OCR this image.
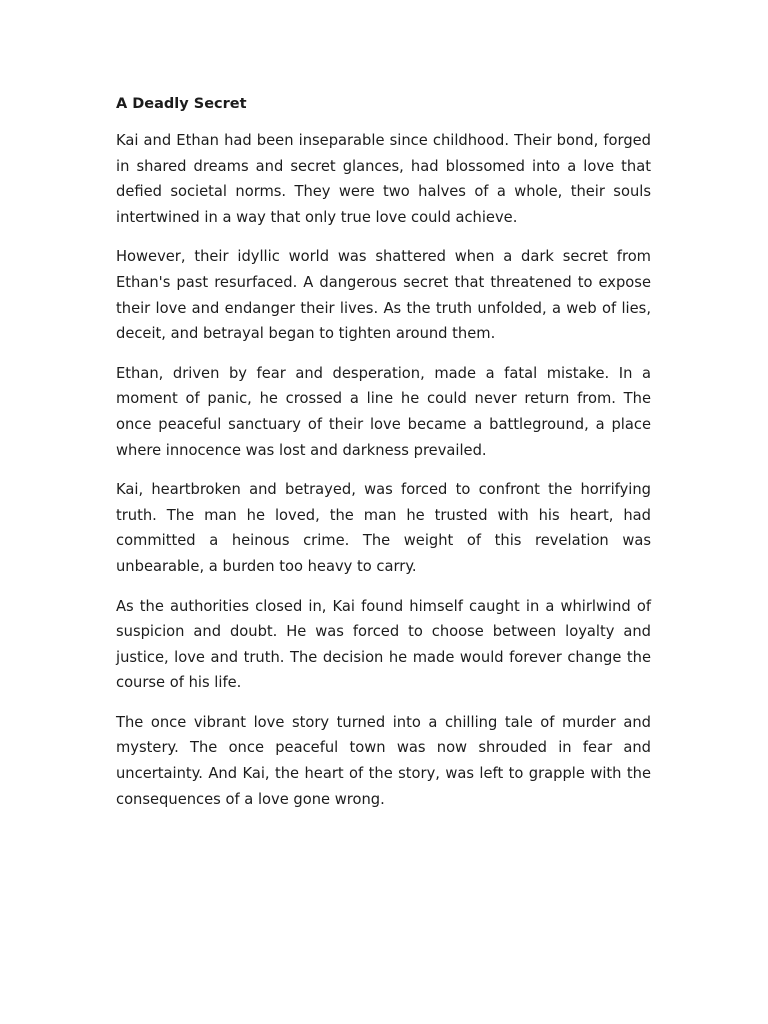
A Deadly Secret

Kai and Ethan had been inseparable since childhood. Their bond, forged in shared dreams and secret glances, had blossomed into a love that defied societal norms. They were two halves of a whole, their souls intertwined in a way that only true love could achieve.

However, their idyllic world was shattered when a dark secret from Ethan's past resurfaced. A dangerous secret that threatened to expose their love and endanger their lives. As the truth unfolded, a web of lies, deceit, and betrayal began to tighten around them.

Ethan, driven by fear and desperation, made a fatal mistake. In a moment of panic, he crossed a line he could never return from. The once peaceful sanctuary of their love became a battleground, a place where innocence was lost and darkness prevailed.

Kai, heartbroken and betrayed, was forced to confront the horrifying truth. The man he loved, the man he trusted with his heart, had committed a heinous crime. The weight of this revelation was unbearable, a burden too heavy to carry.

As the authorities closed in, Kai found himself caught in a whirlwind of suspicion and doubt. He was forced to choose between loyalty and justice, love and truth. The decision he made would forever change the course of his life.

The once vibrant love story turned into a chilling tale of murder and mystery. The once peaceful town was now shrouded in fear and uncertainty. And Kai, the heart of the story, was left to grapple with the consequences of a love gone wrong.
